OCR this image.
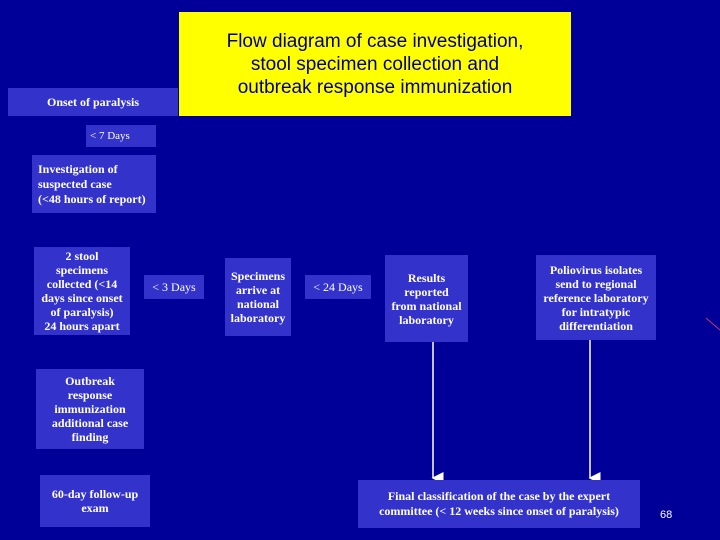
Onset of paralysis
Flow diagram of case investigation,
stool specimen collection and
outbreak response immunization
< 7 Days
Investigation of
suspected case
(<48 hours of report)
2 stool
specimens
collected (<14
days since onset
of paralysis)
24 hours apart
< 3 Days
Specimens
arrive at
national
laboratory
< 24 Days
Results
reported
from national
laboratory
Poliovirus isolates
send to regional
reference laboratory
for intratypic
differentiation
Outbreak
response
immunization
additional case
finding
60-day follow-up
exam
Final classification of the case by the expert
committee (< 12 weeks since onset of paralysis)	68
